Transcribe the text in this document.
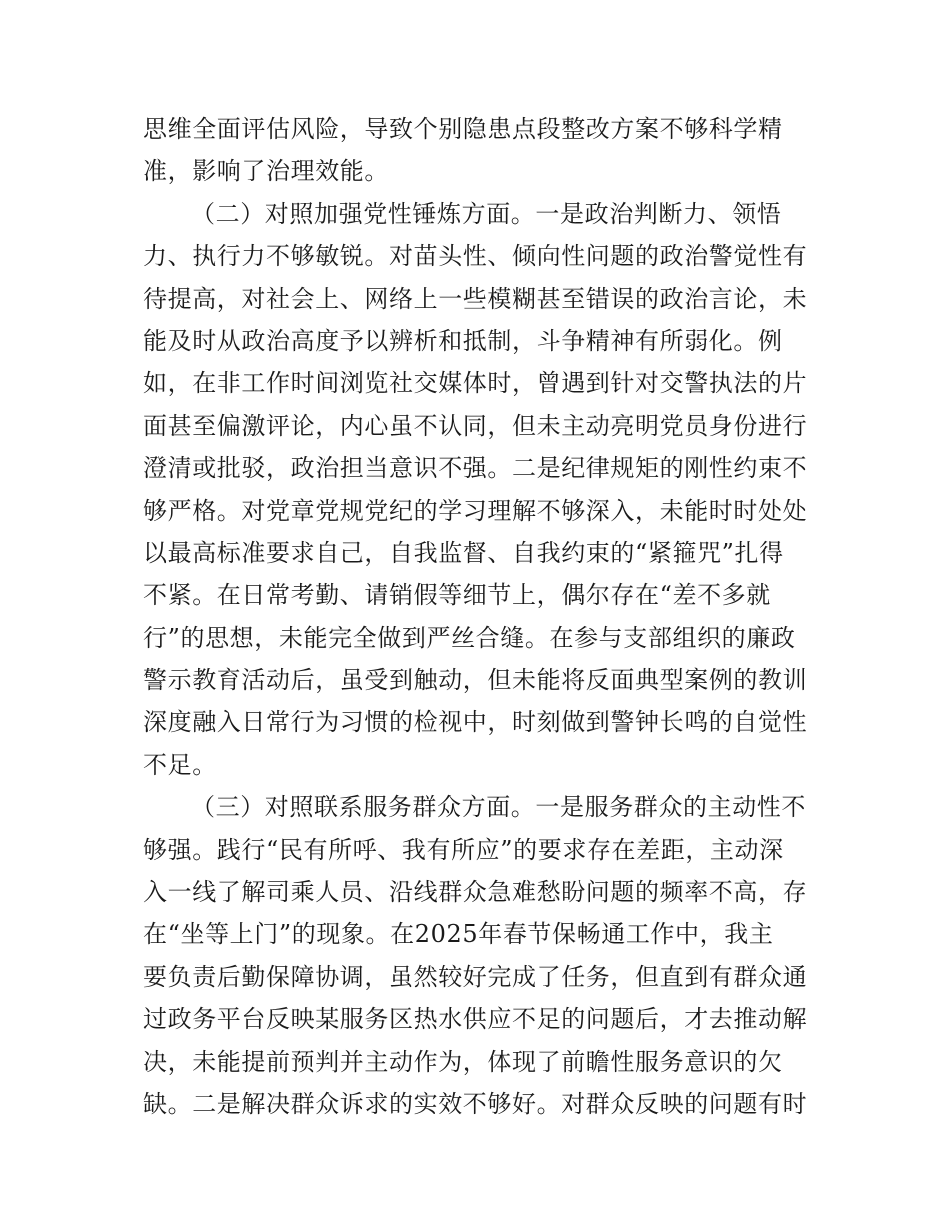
思维全面评估风险，导致个别隐患点段整改方案不够科学精
准，影响了治理效能。
（二）对照加强党性锤炼方面。一是政治判断力、领悟
力、执行力不够敏锐。对苗头性、倾向性问题的政治警觉性有
待提高，对社会上、网络上一些模糊甚至错误的政治言论，未
能及时从政治高度予以辨析和抵制，斗争精神有所弱化。例
如，在非工作时间浏览社交媒体时，曾遇到针对交警执法的片
面甚至偏激评论，内心虽不认同，但未主动亮明党员身份进行
澄清或批驳，政治担当意识不强。二是纪律规矩的刚性约束不
够严格。对党章党规党纪的学习理解不够深入，未能时时处处
以最高标准要求自己，自我监督、自我约束的“紧箍咒”扎得
不紧。在日常考勤、请销假等细节上，偶尔存在“差不多就
行”的思想，未能完全做到严丝合缝。在参与支部组织的廉政
警示教育活动后，虽受到触动，但未能将反面典型案例的教训
深度融入日常行为习惯的检视中，时刻做到警钟长鸣的自觉性
不足。
（三）对照联系服务群众方面。一是服务群众的主动性不
够强。践行“民有所呼、我有所应”的要求存在差距，主动深
入一线了解司乘人员、沿线群众急难愁盼问题的频率不高，存
在“坐等上门”的现象。在2025年春节保畅通工作中，我主
要负责后勤保障协调，虽然较好完成了任务，但直到有群众通
过政务平台反映某服务区热水供应不足的问题后，才去推动解
决，未能提前预判并主动作为，体现了前瞻性服务意识的欠
缺。二是解决群众诉求的实效不够好。对群众反映的问题有时
